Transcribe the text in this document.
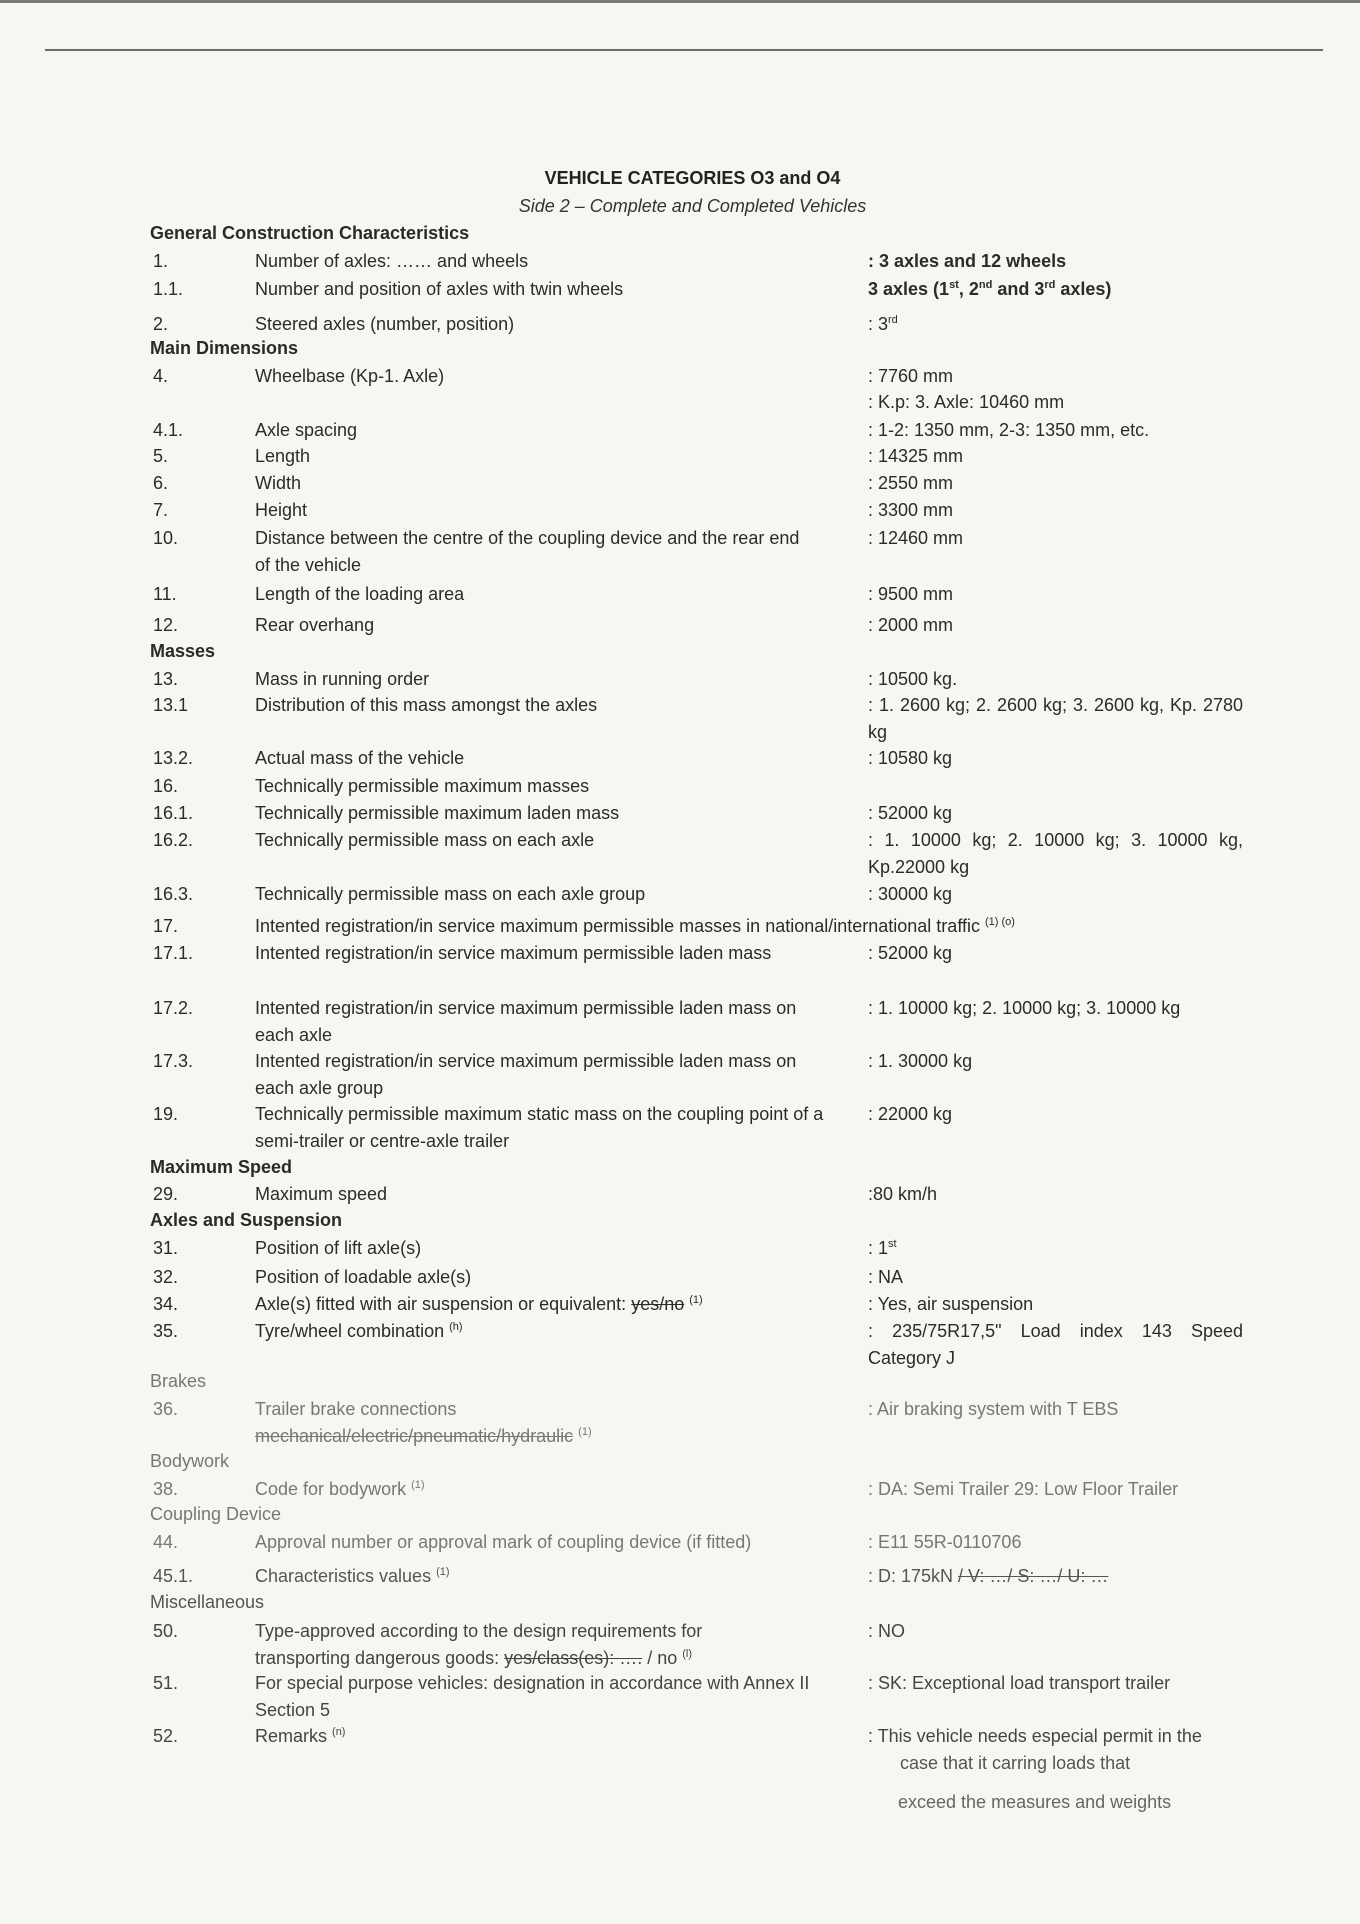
VEHICLE CATEGORIES O3 and O4
Side 2 – Complete and Completed Vehicles
General Construction Characteristics
1.	Number of axles: …… and wheels	: 3 axles and 12 wheels
1.1.	Number and position of axles with twin wheels	3 axles (1st, 2nd and 3rd axles)
2.	Steered axles (number, position)	: 3rd
Main Dimensions
4.	Wheelbase (Kp-1. Axle)	: 7760 mm
: K.p: 3. Axle: 10460 mm
4.1.	Axle spacing	: 1-2: 1350 mm, 2-3: 1350 mm, etc.
5.	Length	: 14325 mm
6.	Width	: 2550 mm
7.	Height	: 3300 mm
10.	Distance between the centre of the coupling device and the rear end of the vehicle
: 12460 mm
11.	Length of the loading area	: 9500 mm
12.	Rear overhang	: 2000 mm
Masses
13.	Mass in running order	: 10500 kg.
13.1	Distribution of this mass amongst the axles	: 1. 2600 kg; 2. 2600 kg; 3. 2600 kg, Kp. 2780 kg
13.2.	Actual mass of the vehicle	: 10580 kg
16.	Technically permissible maximum masses
16.1.	Technically permissible maximum laden mass	: 52000 kg
16.2.	Technically permissible mass on each axle	: 1. 10000 kg; 2. 10000 kg; 3. 10000 kg, Kp.22000 kg
16.3.	Technically permissible mass on each axle group	: 30000 kg
17.	Intented registration/in service maximum permissible masses in national/international traffic $^{(1) (o)}$
17.1.	Intented registration/in service maximum permissible laden mass	: 52000 kg
17.2.	Intented registration/in service maximum permissible laden mass on each axle
: 1. 10000 kg; 2. 10000 kg; 3. 10000 kg
17.3.	Intented registration/in service maximum permissible laden mass on each axle group
: 1. 30000 kg
19.	Technically permissible maximum static mass on the coupling point of a semi-trailer or centre-axle trailer
: 22000 kg
Maximum Speed
29.	Maximum speed	:80 km/h
Axles and Suspension
31.	Position of lift axle(s)	: 1st
32.	Position of loadable axle(s)	: NA
34.	Axle(s) fitted with air suspension or equivalent: yes/no $^{(1)}$	: Yes, air suspension
35.	Tyre/wheel combination $^{(h)}$	: 235/75R17,5" Load index 143 Speed Category J
Brakes
36.	Trailer brake connections	: Air braking system with T EBS
mechanical/electric/pneumatic/hydraulic $^{(1)}$
Bodywork
38.	Code for bodywork $^{(1)}$	: DA: Semi Trailer 29: Low Floor Trailer
Coupling Device
44.	Approval number or approval mark of coupling device (if fitted)	: E11 55R-0110706
45.1.	Characteristics values $^{(1)}$	: D: 175kN / V: …/ S: …/ U: …
Miscellaneous
50.	Type-approved according to the design requirements for	: NO
transporting dangerous goods: yes/class(es): …. / no $^{(l)}$
51.	For special purpose vehicles: designation in accordance with Annex II Section 5
: SK: Exceptional load transport trailer
52.	Remarks $^{(n)}$	: This vehicle needs especial permit in the
case that it carring loads that
exceed the measures and weights
